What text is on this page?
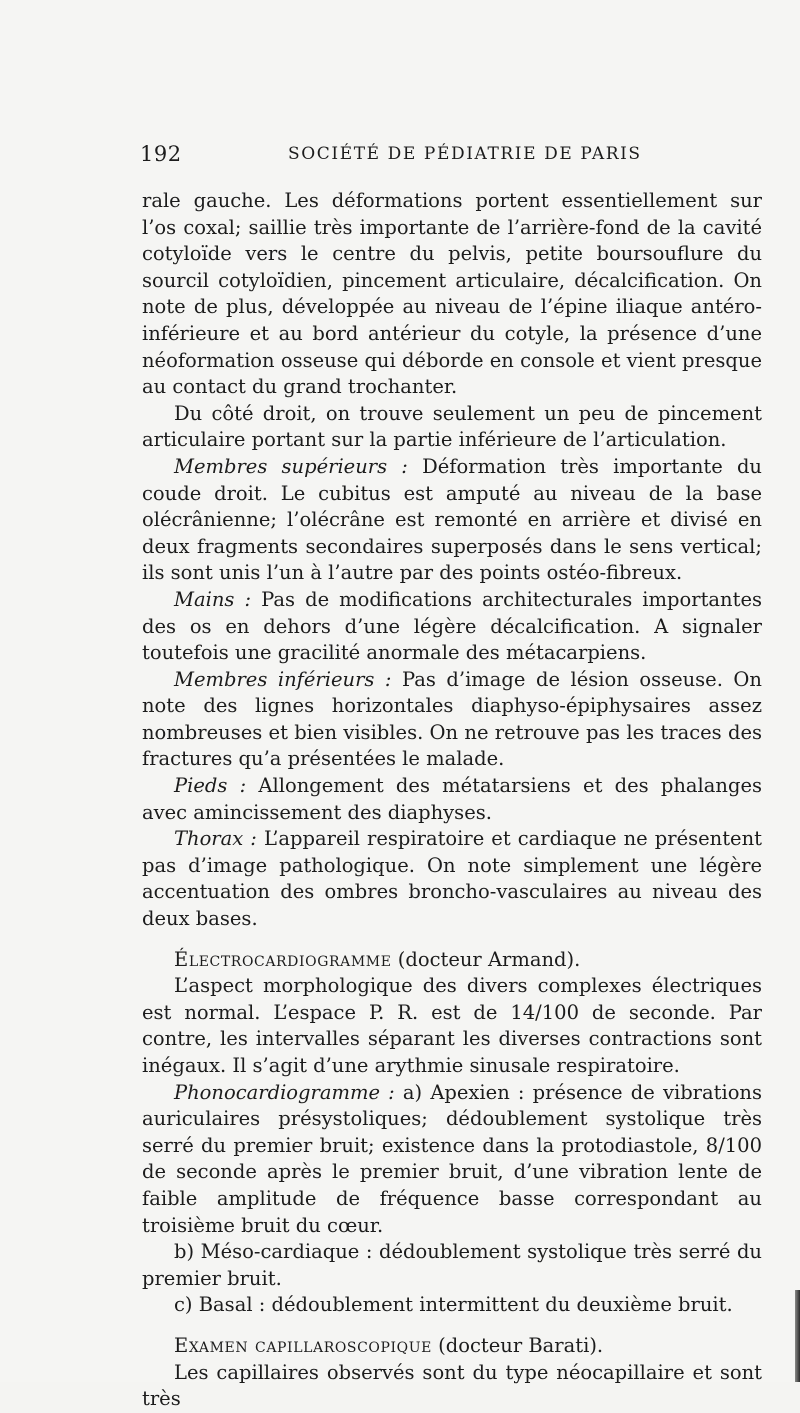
192	SOCIÉTÉ DE PÉDIATRIE DE PARIS

rale gauche. Les déformations portent essentiellement sur l’os coxal; saillie très importante de l’arrière-fond de la cavité cotyloïde vers le centre du pelvis, petite boursouflure du sourcil cotyloïdien, pincement articulaire, décalcification. On note de plus, développée au niveau de l’épine iliaque antéro-inférieure et au bord antérieur du cotyle, la présence d’une néoformation osseuse qui déborde en console et vient presque au contact du grand trochanter.

Du côté droit, on trouve seulement un peu de pincement articulaire portant sur la partie inférieure de l’articulation.

Membres supérieurs : Déformation très importante du coude droit. Le cubitus est amputé au niveau de la base olécrânienne; l’olécrâne est remonté en arrière et divisé en deux fragments secondaires superposés dans le sens vertical; ils sont unis l’un à l’autre par des points ostéo-fibreux.

Mains : Pas de modifications architecturales importantes des os en dehors d’une légère décalcification. A signaler toutefois une gracilité anormale des métacarpiens.

Membres inférieurs : Pas d’image de lésion osseuse. On note des lignes horizontales diaphyso-épiphysaires assez nombreuses et bien visibles. On ne retrouve pas les traces des fractures qu’a présentées le malade.

Pieds : Allongement des métatarsiens et des phalanges avec amincissement des diaphyses.

Thorax : L’appareil respiratoire et cardiaque ne présentent pas d’image pathologique. On note simplement une légère accentuation des ombres broncho-vasculaires au niveau des deux bases.

Électrocardiogramme (docteur Armand).

L’aspect morphologique des divers complexes électriques est normal. L’espace P. R. est de 14/100 de seconde. Par contre, les intervalles séparant les diverses contractions sont inégaux. Il s’agit d’une arythmie sinusale respiratoire.

Phonocardiogramme : a) Apexien : présence de vibrations auriculaires présystoliques; dédoublement systolique très serré du premier bruit; existence dans la protodiastole, 8/100 de seconde après le premier bruit, d’une vibration lente de faible amplitude de fréquence basse correspondant au troisième bruit du cœur.

b) Méso-cardiaque : dédoublement systolique très serré du premier bruit.

c) Basal : dédoublement intermittent du deuxième bruit.

Examen capillaroscopique (docteur Barati).

Les capillaires observés sont du type néocapillaire et sont très
